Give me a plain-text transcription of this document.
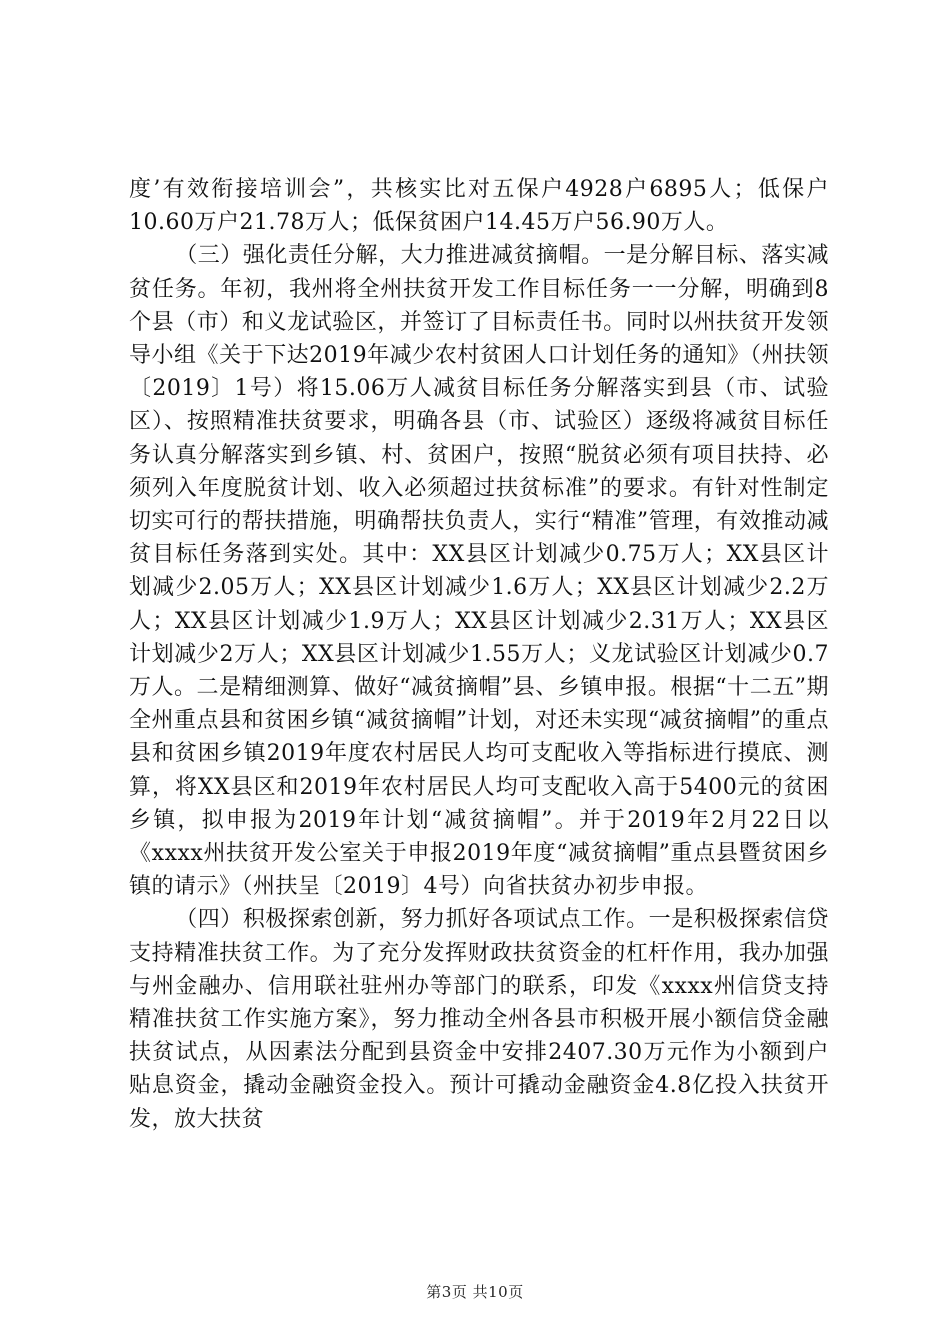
度’有效衔接培训会”，共核实比对五保户4928户6895人；低保户10.60万户21.78万人；低保贫困户14.45万户56.90万人。

（三）强化责任分解，大力推进减贫摘帽。一是分解目标、落实减贫任务。年初，我州将全州扶贫开发工作目标任务一一分解，明确到8个县（市）和义龙试验区，并签订了目标责任书。同时以州扶贫开发领导小组《关于下达2019年减少农村贫困人口计划任务的通知》（州扶领〔2019〕1号）将15.06万人减贫目标任务分解落实到县（市、试验区）、按照精准扶贫要求，明确各县（市、试验区）逐级将减贫目标任务认真分解落实到乡镇、村、贫困户，按照“脱贫必须有项目扶持、必须列入年度脱贫计划、收入必须超过扶贫标准”的要求。有针对性制定切实可行的帮扶措施，明确帮扶负责人，实行“精准”管理，有效推动减贫目标任务落到实处。其中：XX县区计划减少0.75万人；XX县区计划减少2.05万人；XX县区计划减少1.6万人；XX县区计划减少2.2万人；XX县区计划减少1.9万人；XX县区计划减少2.31万人；XX县区计划减少2万人；XX县区计划减少1.55万人；义龙试验区计划减少0.7万人。二是精细测算、做好“减贫摘帽”县、乡镇申报。根据“十二五”期全州重点县和贫困乡镇“减贫摘帽”计划，对还未实现“减贫摘帽”的重点县和贫困乡镇2019年度农村居民人均可支配收入等指标进行摸底、测算，将XX县区和2019年农村居民人均可支配收入高于5400元的贫困乡镇，拟申报为2019年计划“减贫摘帽”。并于2019年2月22日以《xxxx州扶贫开发公室关于申报2019年度“减贫摘帽”重点县暨贫困乡镇的请示》（州扶呈〔2019〕4号）向省扶贫办初步申报。

（四）积极探索创新，努力抓好各项试点工作。一是积极探索信贷支持精准扶贫工作。为了充分发挥财政扶贫资金的杠杆作用，我办加强与州金融办、信用联社驻州办等部门的联系，印发《xxxx州信贷支持精准扶贫工作实施方案》，努力推动全州各县市积极开展小额信贷金融扶贫试点，从因素法分配到县资金中安排2407.30万元作为小额到户贴息资金，撬动金融资金投入。预计可撬动金融资金4.8亿投入扶贫开发，放大扶贫

第3页 共10页
